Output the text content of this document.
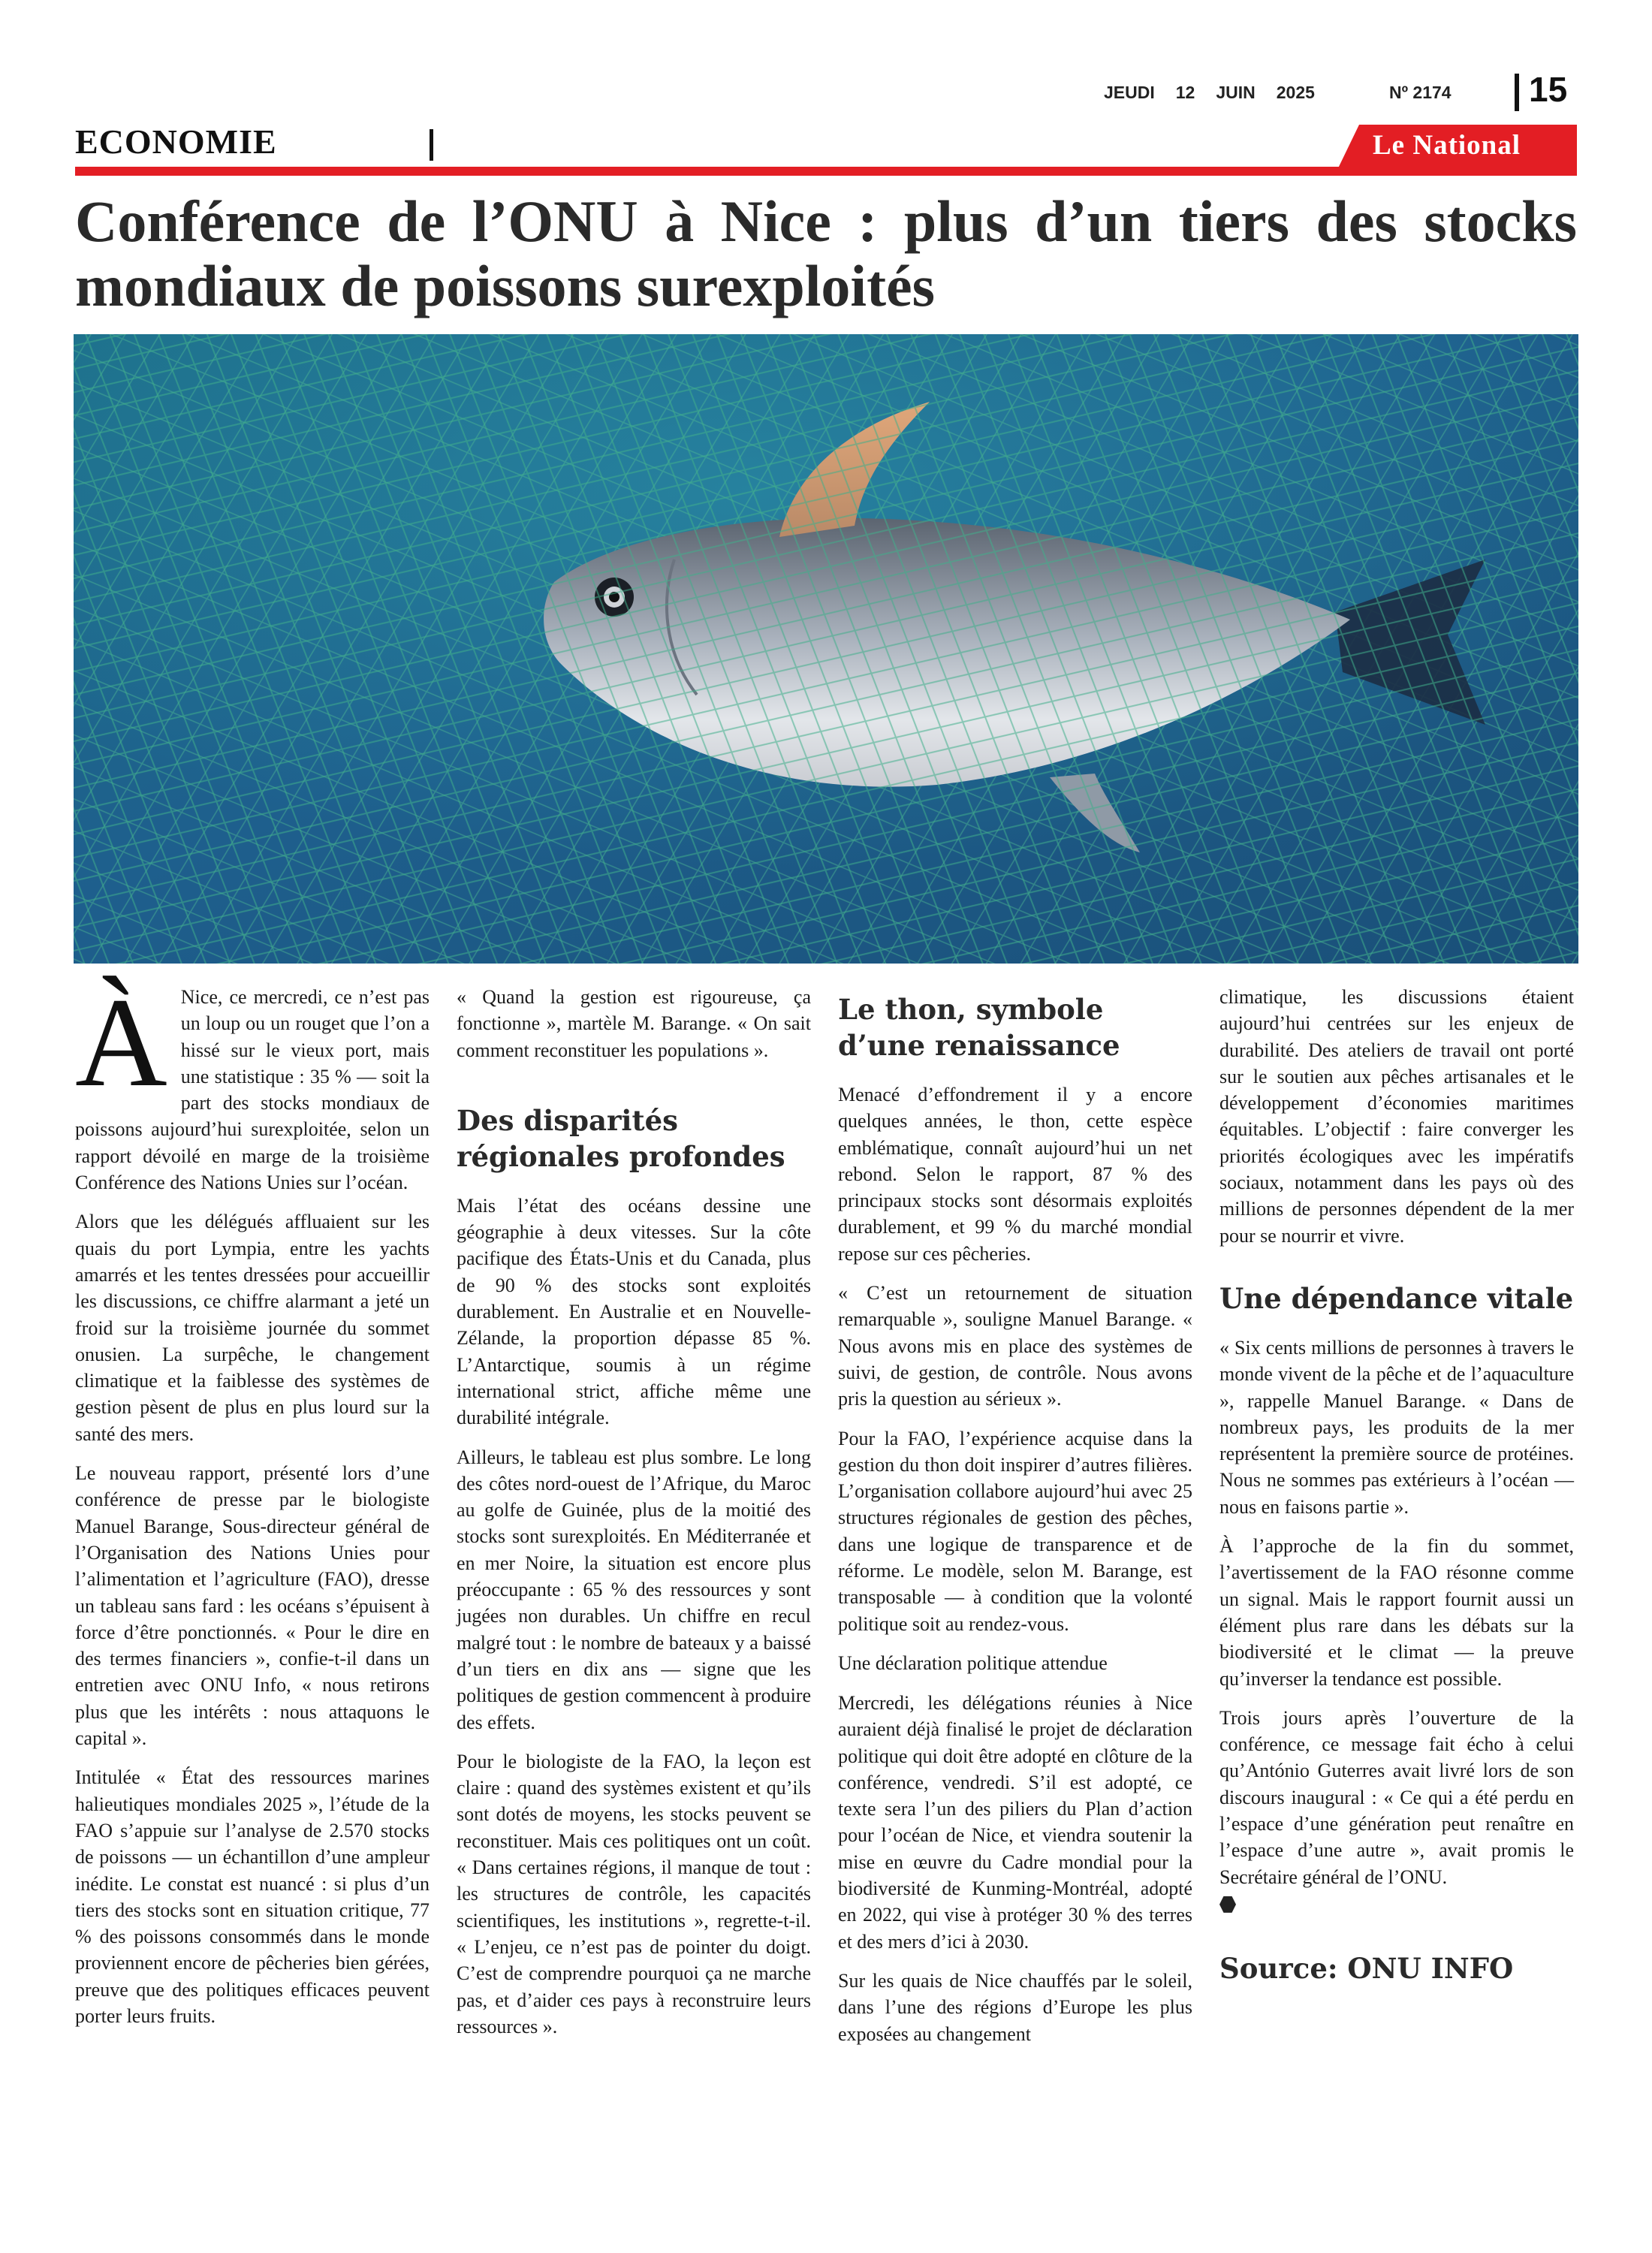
JEUDI 12 JUIN 2025	Nº 2174 15
ECONOMIE	Le National
Conférence de l’ONU à Nice : plus d’un tiers des stocks mondiaux de poissons surexploités

À Nice, ce mercredi, ce n’est pas un loup ou un rouget que l’on a hissé sur le vieux port, mais une statistique : 35 % — soit la part des stocks mondiaux de poissons aujourd’hui surexploitée, selon un rapport dévoilé en marge de la troisième Conférence des Nations Unies sur l’océan.

Alors que les délégués affluaient sur les quais du port Lympia, entre les yachts amarrés et les tentes dressées pour accueillir les discussions, ce chiffre alarmant a jeté un froid sur la troisième journée du sommet onusien. La surpêche, le changement climatique et la faiblesse des systèmes de gestion pèsent de plus en plus lourd sur la santé des mers.

Le nouveau rapport, présenté lors d’une conférence de presse par le biologiste Manuel Barange, Sous-directeur général de l’Organisation des Nations Unies pour l’alimentation et l’agriculture (FAO), dresse un tableau sans fard : les océans s’épuisent à force d’être ponctionnés. « Pour le dire en des termes financiers », confie-t-il dans un entretien avec ONU Info, « nous retirons plus que les intérêts : nous attaquons le capital ».

Intitulée « État des ressources marines halieutiques mondiales 2025 », l’étude de la FAO s’appuie sur l’analyse de 2.570 stocks de poissons — un échantillon d’une ampleur inédite. Le constat est nuancé : si plus d’un tiers des stocks sont en situation critique, 77 % des poissons consommés dans le monde proviennent encore de pêcheries bien gérées, preuve que des politiques efficaces peuvent porter leurs fruits.

« Quand la gestion est rigoureuse, ça fonctionne », martèle M. Barange. « On sait comment reconstituer les populations ».

Des disparités régionales profondes

Mais l’état des océans dessine une géographie à deux vitesses. Sur la côte pacifique des États-Unis et du Canada, plus de 90 % des stocks sont exploités durablement. En Australie et en Nouvelle-Zélande, la proportion dépasse 85 %. L’Antarctique, soumis à un régime international strict, affiche même une durabilité intégrale.

Ailleurs, le tableau est plus sombre. Le long des côtes nord-ouest de l’Afrique, du Maroc au golfe de Guinée, plus de la moitié des stocks sont surexploités. En Méditerranée et en mer Noire, la situation est encore plus préoccupante : 65 % des ressources y sont jugées non durables. Un chiffre en recul malgré tout : le nombre de bateaux y a baissé d’un tiers en dix ans — signe que les politiques de gestion commencent à produire des effets.

Pour le biologiste de la FAO, la leçon est claire : quand des systèmes existent et qu’ils sont dotés de moyens, les stocks peuvent se reconstituer. Mais ces politiques ont un coût. « Dans certaines régions, il manque de tout : les structures de contrôle, les capacités scientifiques, les institutions », regrette-t-il. « L’enjeu, ce n’est pas de pointer du doigt. C’est de comprendre pourquoi ça ne marche pas, et d’aider ces pays à reconstruire leurs ressources ».

Le thon, symbole d’une renaissance

Menacé d’effondrement il y a encore quelques années, le thon, cette espèce emblématique, connaît aujourd’hui un net rebond. Selon le rapport, 87 % des principaux stocks sont désormais exploités durablement, et 99 % du marché mondial repose sur ces pêcheries.

« C’est un retournement de situation remarquable », souligne Manuel Barange. « Nous avons mis en place des systèmes de suivi, de gestion, de contrôle. Nous avons pris la question au sérieux ».

Pour la FAO, l’expérience acquise dans la gestion du thon doit inspirer d’autres filières. L’organisation collabore aujourd’hui avec 25 structures régionales de gestion des pêches, dans une logique de transparence et de réforme. Le modèle, selon M. Barange, est transposable — à condition que la volonté politique soit au rendez-vous.

Une déclaration politique attendue

Mercredi, les délégations réunies à Nice auraient déjà finalisé le projet de déclaration politique qui doit être adopté en clôture de la conférence, vendredi. S’il est adopté, ce texte sera l’un des piliers du Plan d’action pour l’océan de Nice, et viendra soutenir la mise en œuvre du Cadre mondial pour la biodiversité de Kunming-Montréal, adopté en 2022, qui vise à protéger 30 % des terres et des mers d’ici à 2030.

Sur les quais de Nice chauffés par le soleil, dans l’une des régions d’Europe les plus exposées au changement

climatique, les discussions étaient aujourd’hui centrées sur les enjeux de durabilité. Des ateliers de travail ont porté sur le soutien aux pêches artisanales et le développement d’économies maritimes équitables. L’objectif : faire converger les priorités écologiques avec les impératifs sociaux, notamment dans les pays où des millions de personnes dépendent de la mer pour se nourrir et vivre.

Une dépendance vitale

« Six cents millions de personnes à travers le monde vivent de la pêche et de l’aquaculture », rappelle Manuel Barange. « Dans de nombreux pays, les produits de la mer représentent la première source de protéines. Nous ne sommes pas extérieurs à l’océan — nous en faisons partie ».

À l’approche de la fin du sommet, l’avertissement de la FAO résonne comme un signal. Mais le rapport fournit aussi un élément plus rare dans les débats sur la biodiversité et le climat — la preuve qu’inverser la tendance est possible.

Trois jours après l’ouverture de la conférence, ce message fait écho à celui qu’António Guterres avait livré lors de son discours inaugural : « Ce qui a été perdu en l’espace d’une génération peut renaître en l’espace d’une autre », avait promis le Secrétaire général de l’ONU.

Source: ONU INFO
